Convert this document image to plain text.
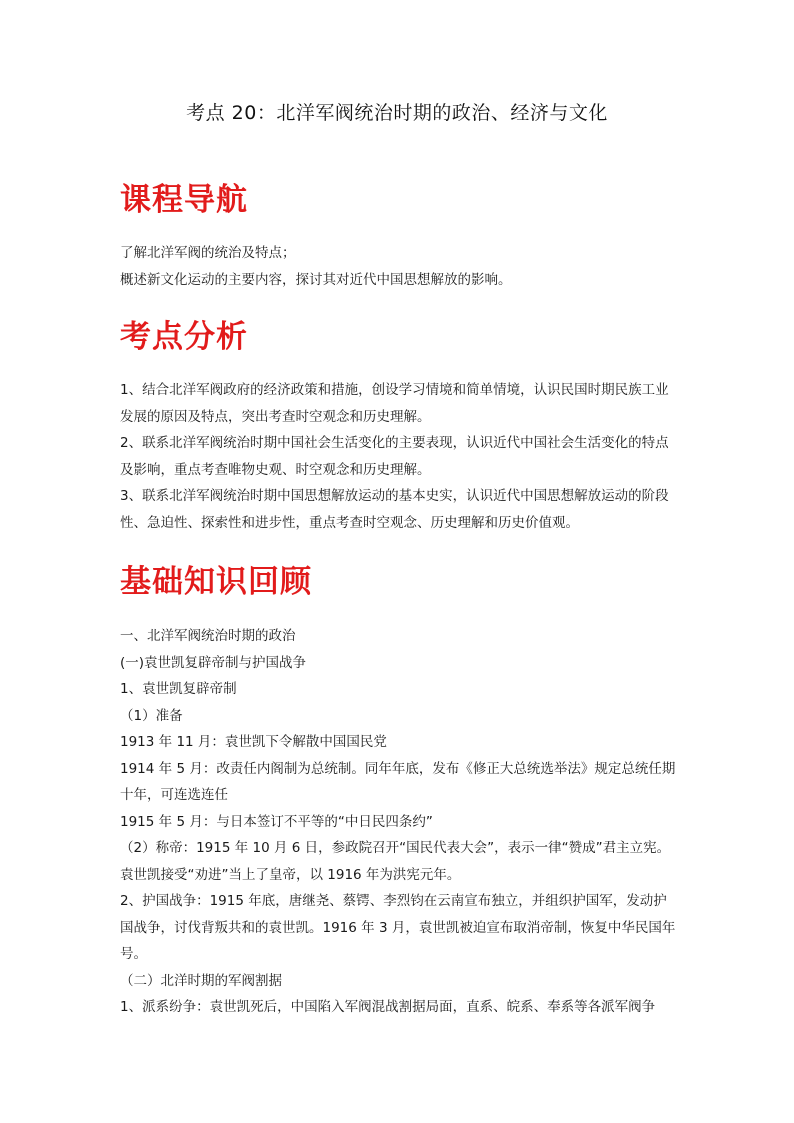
考点 20：北洋军阀统治时期的政治、经济与文化
课程导航

了解北洋军阀的统治及特点；

概述新文化运动的主要内容，探讨其对近代中国思想解放的影响。

考点分析

1、结合北洋军阀政府的经济政策和措施，创设学习情境和简单情境，认识民国时期民族工业发展的原因及特点，突出考查时空观念和历史理解。

2、联系北洋军阀统治时期中国社会生活变化的主要表现，认识近代中国社会生活变化的特点及影响，重点考查唯物史观、时空观念和历史理解。

3、联系北洋军阀统治时期中国思想解放运动的基本史实，认识近代中国思想解放运动的阶段性、急迫性、探索性和进步性，重点考查时空观念、历史理解和历史价值观。

基础知识回顾

一、北洋军阀统治时期的政治

(一)袁世凯复辟帝制与护国战争

1、袁世凯复辟帝制

（1）准备

1913 年 11 月：袁世凯下令解散中国国民党

1914 年 5 月：改责任内阁制为总统制。同年年底，发布《修正大总统选举法》规定总统任期十年，可连选连任

1915 年 5 月：与日本签订不平等的“中日民四条约”

（2）称帝：1915 年 10 月 6 日，参政院召开“国民代表大会”，表示一律“赞成”君主立宪。袁世凯接受“劝进”当上了皇帝，以 1916 年为洪宪元年。

2、护国战争：1915 年底，唐继尧、蔡锷、李烈钧在云南宣布独立，并组织护国军，发动护国战争，讨伐背叛共和的袁世凯。1916 年 3 月，袁世凯被迫宣布取消帝制，恢复中华民国年号。

（二）北洋时期的军阀割据

1、派系纷争：袁世凯死后，中国陷入军阀混战割据局面，直系、皖系、奉系等各派军阀争
